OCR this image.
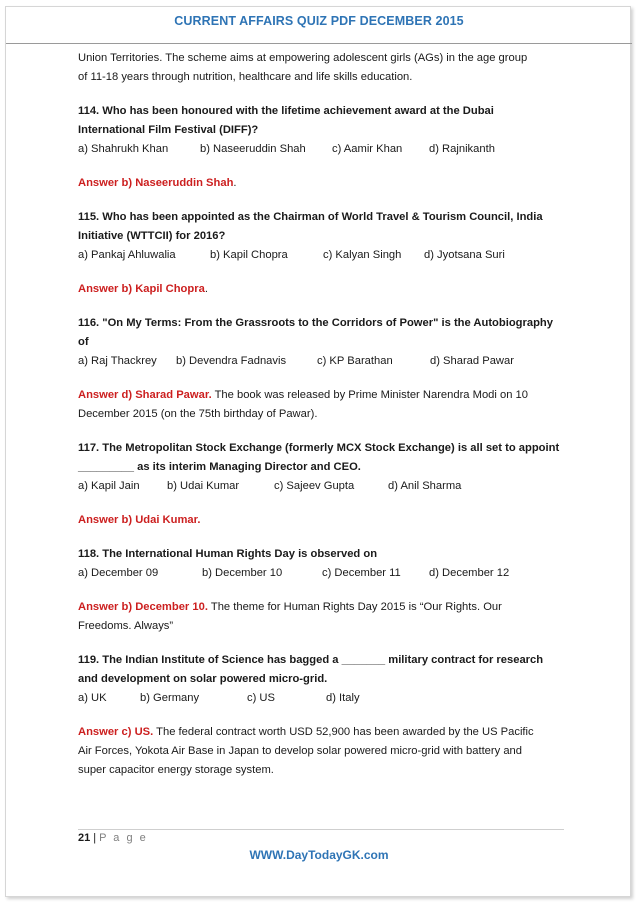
CURRENT AFFAIRS QUIZ PDF DECEMBER 2015

Union Territories. The scheme aims at empowering adolescent girls (AGs) in the age group

of 11-18 years through nutrition, healthcare and life skills education.

114. Who has been honoured with the lifetime achievement award at the Dubai

International Film Festival (DIFF)?

a) Shahrukh Khan	b) Naseeruddin Shah	c) Aamir Khan	d) Rajnikanth

Answer b) Naseeruddin Shah.

115. Who has been appointed as the Chairman of World Travel & Tourism Council, India

Initiative (WTTCII) for 2016?

a) Pankaj Ahluwalia	b) Kapil Chopra	c) Kalyan Singh	d) Jyotsana Suri

Answer b) Kapil Chopra.

116. "On My Terms: From the Grassroots to the Corridors of Power" is the Autobiography

of

a) Raj Thackrey	b) Devendra Fadnavis	c) KP Barathan	d) Sharad Pawar

Answer d) Sharad Pawar. The book was released by Prime Minister Narendra Modi on 10

December 2015 (on the 75th birthday of Pawar).

117. The Metropolitan Stock Exchange (formerly MCX Stock Exchange) is all set to appoint

_________ as its interim Managing Director and CEO.

a) Kapil Jain	b) Udai Kumar	c) Sajeev Gupta	d) Anil Sharma

Answer b) Udai Kumar.

118. The International Human Rights Day is observed on

a) December 09	b) December 10	c) December 11	d) December 12

Answer b) December 10. The theme for Human Rights Day 2015 is “Our Rights. Our

Freedoms. Always”

119. The Indian Institute of Science has bagged a _______ military contract for research

and development on solar powered micro-grid.

a) UK	b) Germany	c) US	d) Italy

Answer c) US. The federal contract worth USD 52,900 has been awarded by the US Pacific

Air Forces, Yokota Air Base in Japan to develop solar powered micro-grid with battery and

super capacitor energy storage system.

21 | P a g e
WWW.DayTodayGK.com
